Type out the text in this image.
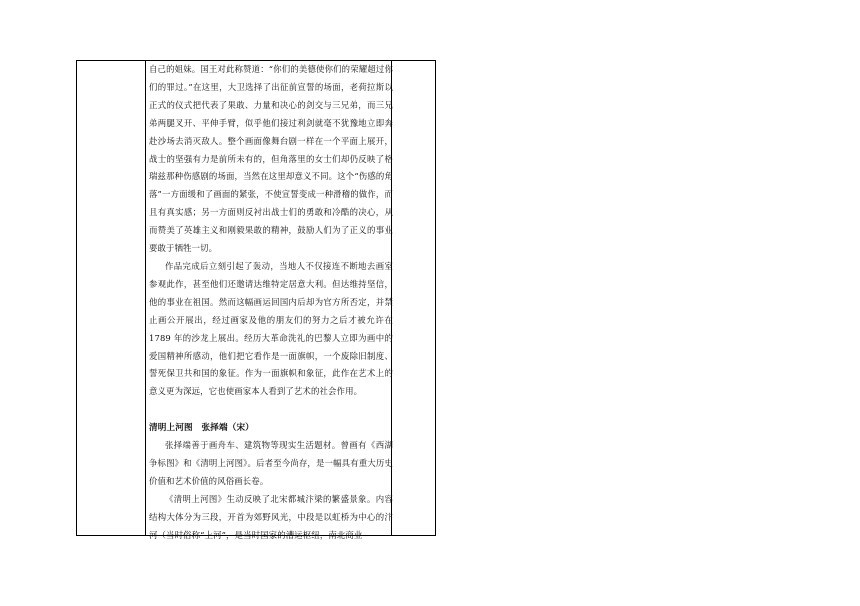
自己的姐妹。国王对此称赞道：“你们的美德使你们的荣耀超过你们的罪过。”在这里，大卫选择了出征前宣誓的场面，老荷拉斯以正式的仪式把代表了果敢、力量和决心的剑交与三兄弟，而三兄弟两腿叉开、平伸手臂，似乎他们接过利剑就毫不犹豫地立即奔赴沙场去消灭敌人。整个画面像舞台剧一样在一个平面上展开，战士的坚强有力是前所未有的，但角落里的女士们却仍反映了格瑞兹那种伤感剧的场面，当然在这里却意义不同。这个“伤感的角落”一方面缓和了画面的紧张，不使宣誓变成一种滑稽的做作，而且有真实感；另一方面则反衬出战士们的勇敢和冷酷的决心，从而赞美了英雄主义和刚毅果敢的精神，鼓励人们为了正义的事业要敢于牺牲一切。

作品完成后立刻引起了轰动，当地人不仅接连不断地去画室参观此作，甚至他们还邀请达维特定居意大利。但达维持坚信，他的事业在祖国。然而这幅画运回国内后却为官方所否定，并禁止画公开展出，经过画家及他的朋友们的努力之后才被允许在 1789 年的沙龙上展出。经历大革命洗礼的巴黎人立即为画中的爱国精神所感动，他们把它看作是一面旗帜，一个废除旧制度、誓死保卫共和国的象征。作为一面旗帜和象征，此作在艺术上的意义更为深远，它也使画家本人看到了艺术的社会作用。

清明上河图　张择端（宋）

张择端善于画舟车、建筑物等现实生活题材。曾画有《西湖争标图》和《清明上河图》。后者至今尚存，是一幅具有重大历史价值和艺术价值的风俗画长卷。

《清明上河图》生动反映了北宋都城汴梁的繁盛景象。内容结构大体分为三段，开首为郊野风光，中段是以虹桥为中心的汴河（当时俗称“上河”，是当时国家的漕运枢纽，南北商业
